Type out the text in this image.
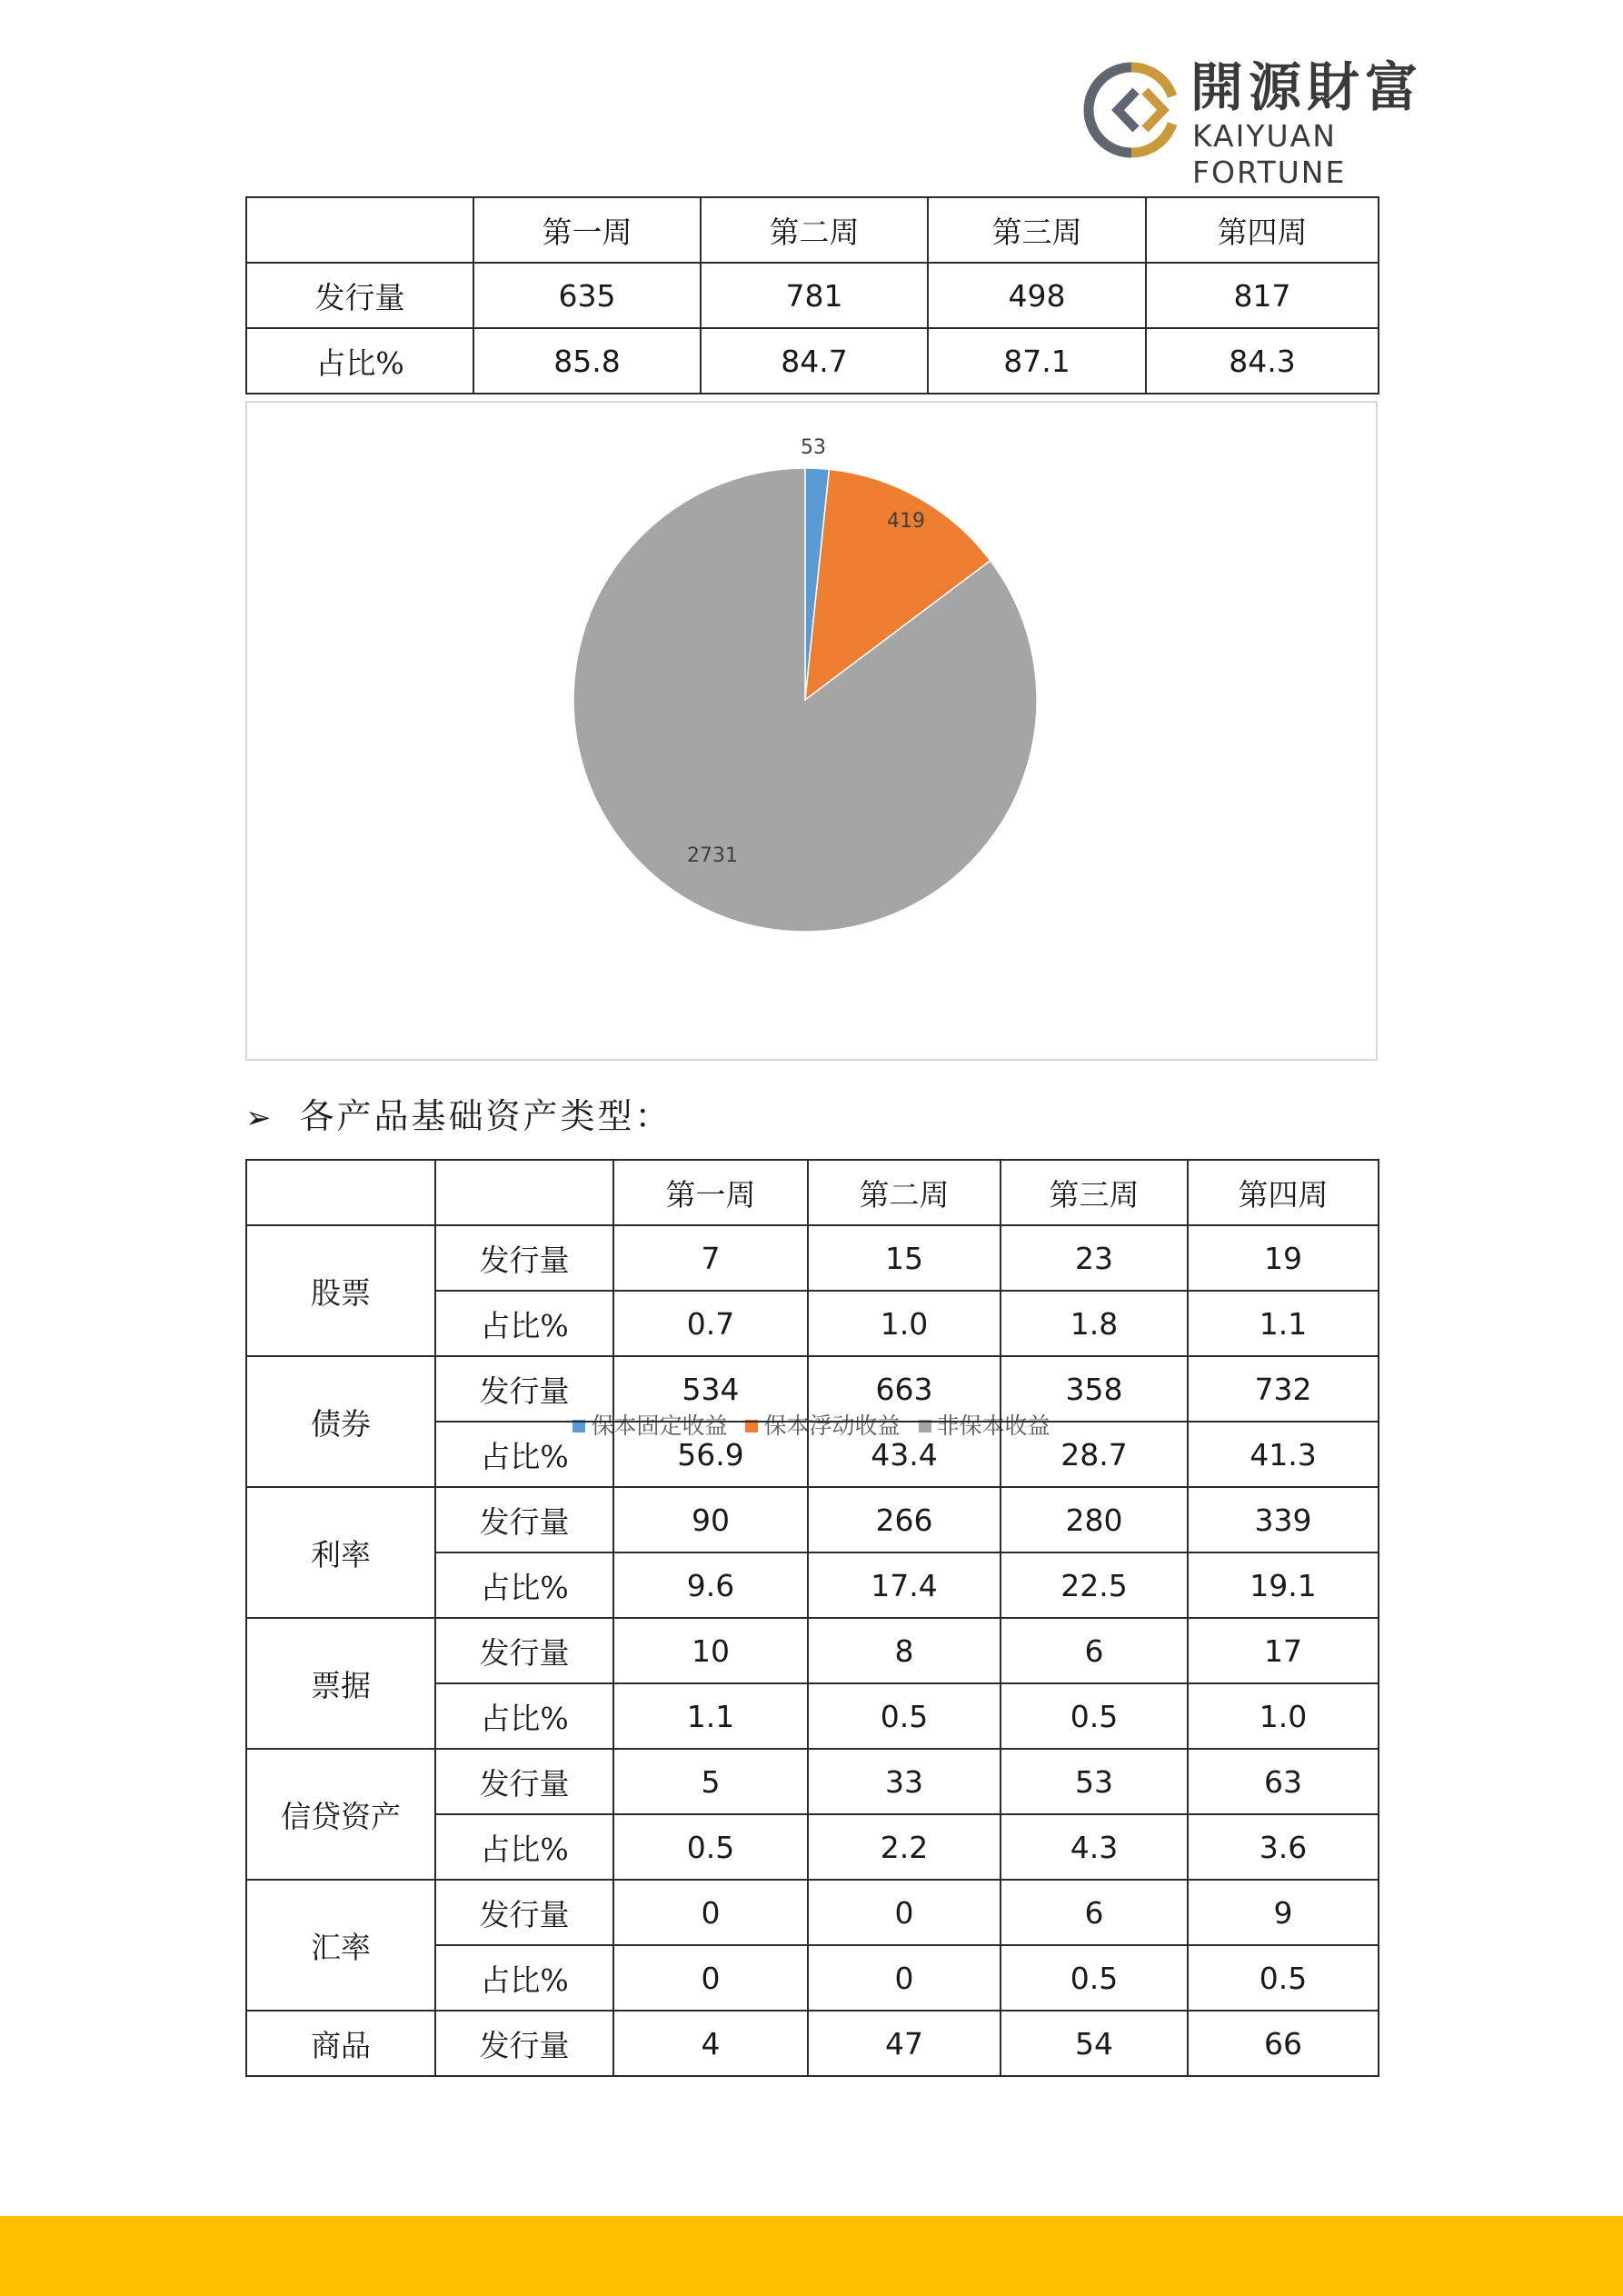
開源財富
KAIYUAN FORTUNE
	第一周	第二周	第三周	第四周
发行量	635	781	498	817
占比%	85.8	84.7	87.1	84.3
53
419
2731
保本固定收益 保本浮动收益 非保本收益
➢ 各产品基础资产类型：
		第一周	第二周	第三周	第四周
股票	发行量	7	15	23	19
	占比%	0.7	1.0	1.8	1.1
债券	发行量	534	663	358	732
	占比%	56.9	43.4	28.7	41.3
利率	发行量	90	266	280	339
	占比%	9.6	17.4	22.5	19.1
票据	发行量	10	8	6	17
	占比%	1.1	0.5	0.5	1.0
信贷资产	发行量	5	33	53	63
	占比%	0.5	2.2	4.3	3.6
汇率	发行量	0	0	6	9
	占比%	0	0	0.5	0.5
商品	发行量	4	47	54	66
